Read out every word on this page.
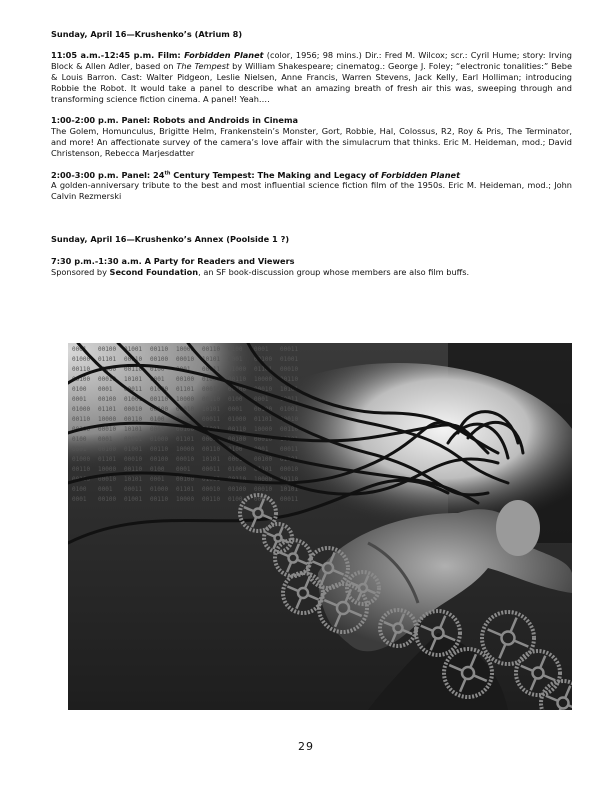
Sunday, April 16—Krushenko’s (Atrium 8)

11:05 a.m.-12:45 p.m. Film: Forbidden Planet (color, 1956; 98 mins.) Dir.: Fred M. Wilcox; scr.: Cyril Hume; story: Irving Block & Allen Adler, based on The Tempest by William Shakespeare; cinematog.: George J. Foley; “electronic tonalities:” Bebe & Louis Barron. Cast: Walter Pidgeon, Leslie Nielsen, Anne Francis, Warren Stevens, Jack Kelly, Earl Holliman; introducing Robbie the Robot. It would take a panel to describe what an amazing breath of fresh air this was, sweeping through and transforming science fiction cinema. A panel! Yeah….

1:00-2:00 p.m. Panel: Robots and Androids in Cinema

The Golem, Homunculus, Brigitte Helm, Frankenstein’s Monster, Gort, Robbie, Hal, Colossus, R2, Roy & Pris, The Terminator, and more! An affectionate survey of the camera’s love affair with the simulacrum that thinks. Eric M. Heideman, mod.; David Christenson, Rebecca Marjesdatter

2:00-3:00 p.m. Panel: 24th Century Tempest: The Making and Legacy of Forbidden Planet

A golden-anniversary tribute to the best and most influential science fiction film of the 1950s. Eric M. Heideman, mod.; John Calvin Rezmerski

Sunday, April 16—Krushenko’s Annex (Poolside 1 ?)

7:30 p.m.-1:30 a.m. A Party for Readers and Viewers

Sponsored by Second Foundation, an SF book-discussion group whose members are also film buffs.

0001 00100 01001 00110 10000 00110 0100 0001 00011
01000 01101 00010 00100 00010 10101 0001 00100 01001
00110 10000 00110 0100 0001 00011 01000 01101 00010
00100 00010 10101 0001 00100 01001 00110 10000 00110
0100 0001 00011 01000 01101 00010 00100 00010 10101
0001 00100 01001 00110 10000 00110 0100 0001 00011
01000 01101 00010 00100 00010 10101 0001 00100 01001
00110 10000 00110 0100 0001 00011 01000 01101 00010
00100 00010 10101 0001 00100 01001 00110 10000 00110
0100 0001 00011 01000 01101 00010 00100 00010 10101
0001 00100 01001 00110 10000 00110 0100 0001 00011
01000 01101 00010 00100 00010 10101 0001 00100 01001
00110 10000 00110 0100 0001 00011 01000 01101 00010
00100 00010 10101 0001 00100 01001 00110 10000 00110
0100 0001 00011 01000 01101 00010 00100 00010 10101
0001 00100 01001 00110 10000 00110 0100 0001 00011
29
